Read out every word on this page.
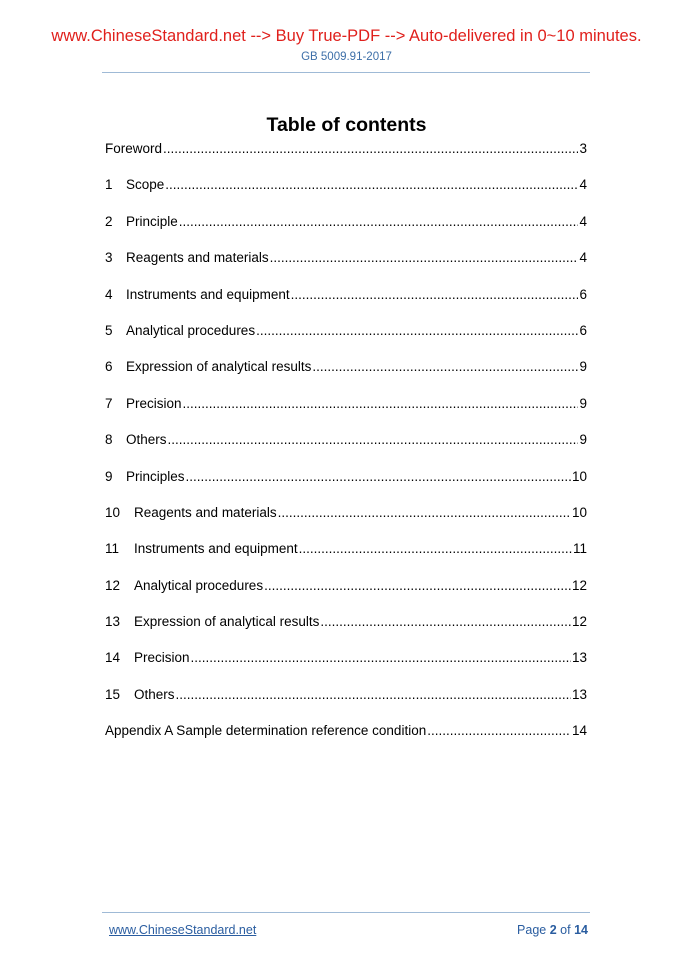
www.ChineseStandard.net --> Buy True-PDF --> Auto-delivered in 0~10 minutes.
GB 5009.91-2017
Table of contents
Foreword .....	3
1 Scope .....	4
2 Principle .....	4
3 Reagents and materials .....	4
4 Instruments and equipment .....	6
5 Analytical procedures .....	6
6 Expression of analytical results .....	9
7 Precision .....	9
8 Others .....	9
9 Principles .....	10
10	Reagents and materials .....	10
11	Instruments and equipment .....	11
12	Analytical procedures .....	12
13	Expression of analytical results .....	12
14	Precision .....	13
15	Others .....	13
Appendix A Sample determination reference condition .....	14
www.ChineseStandard.net	Page 2 of 14
